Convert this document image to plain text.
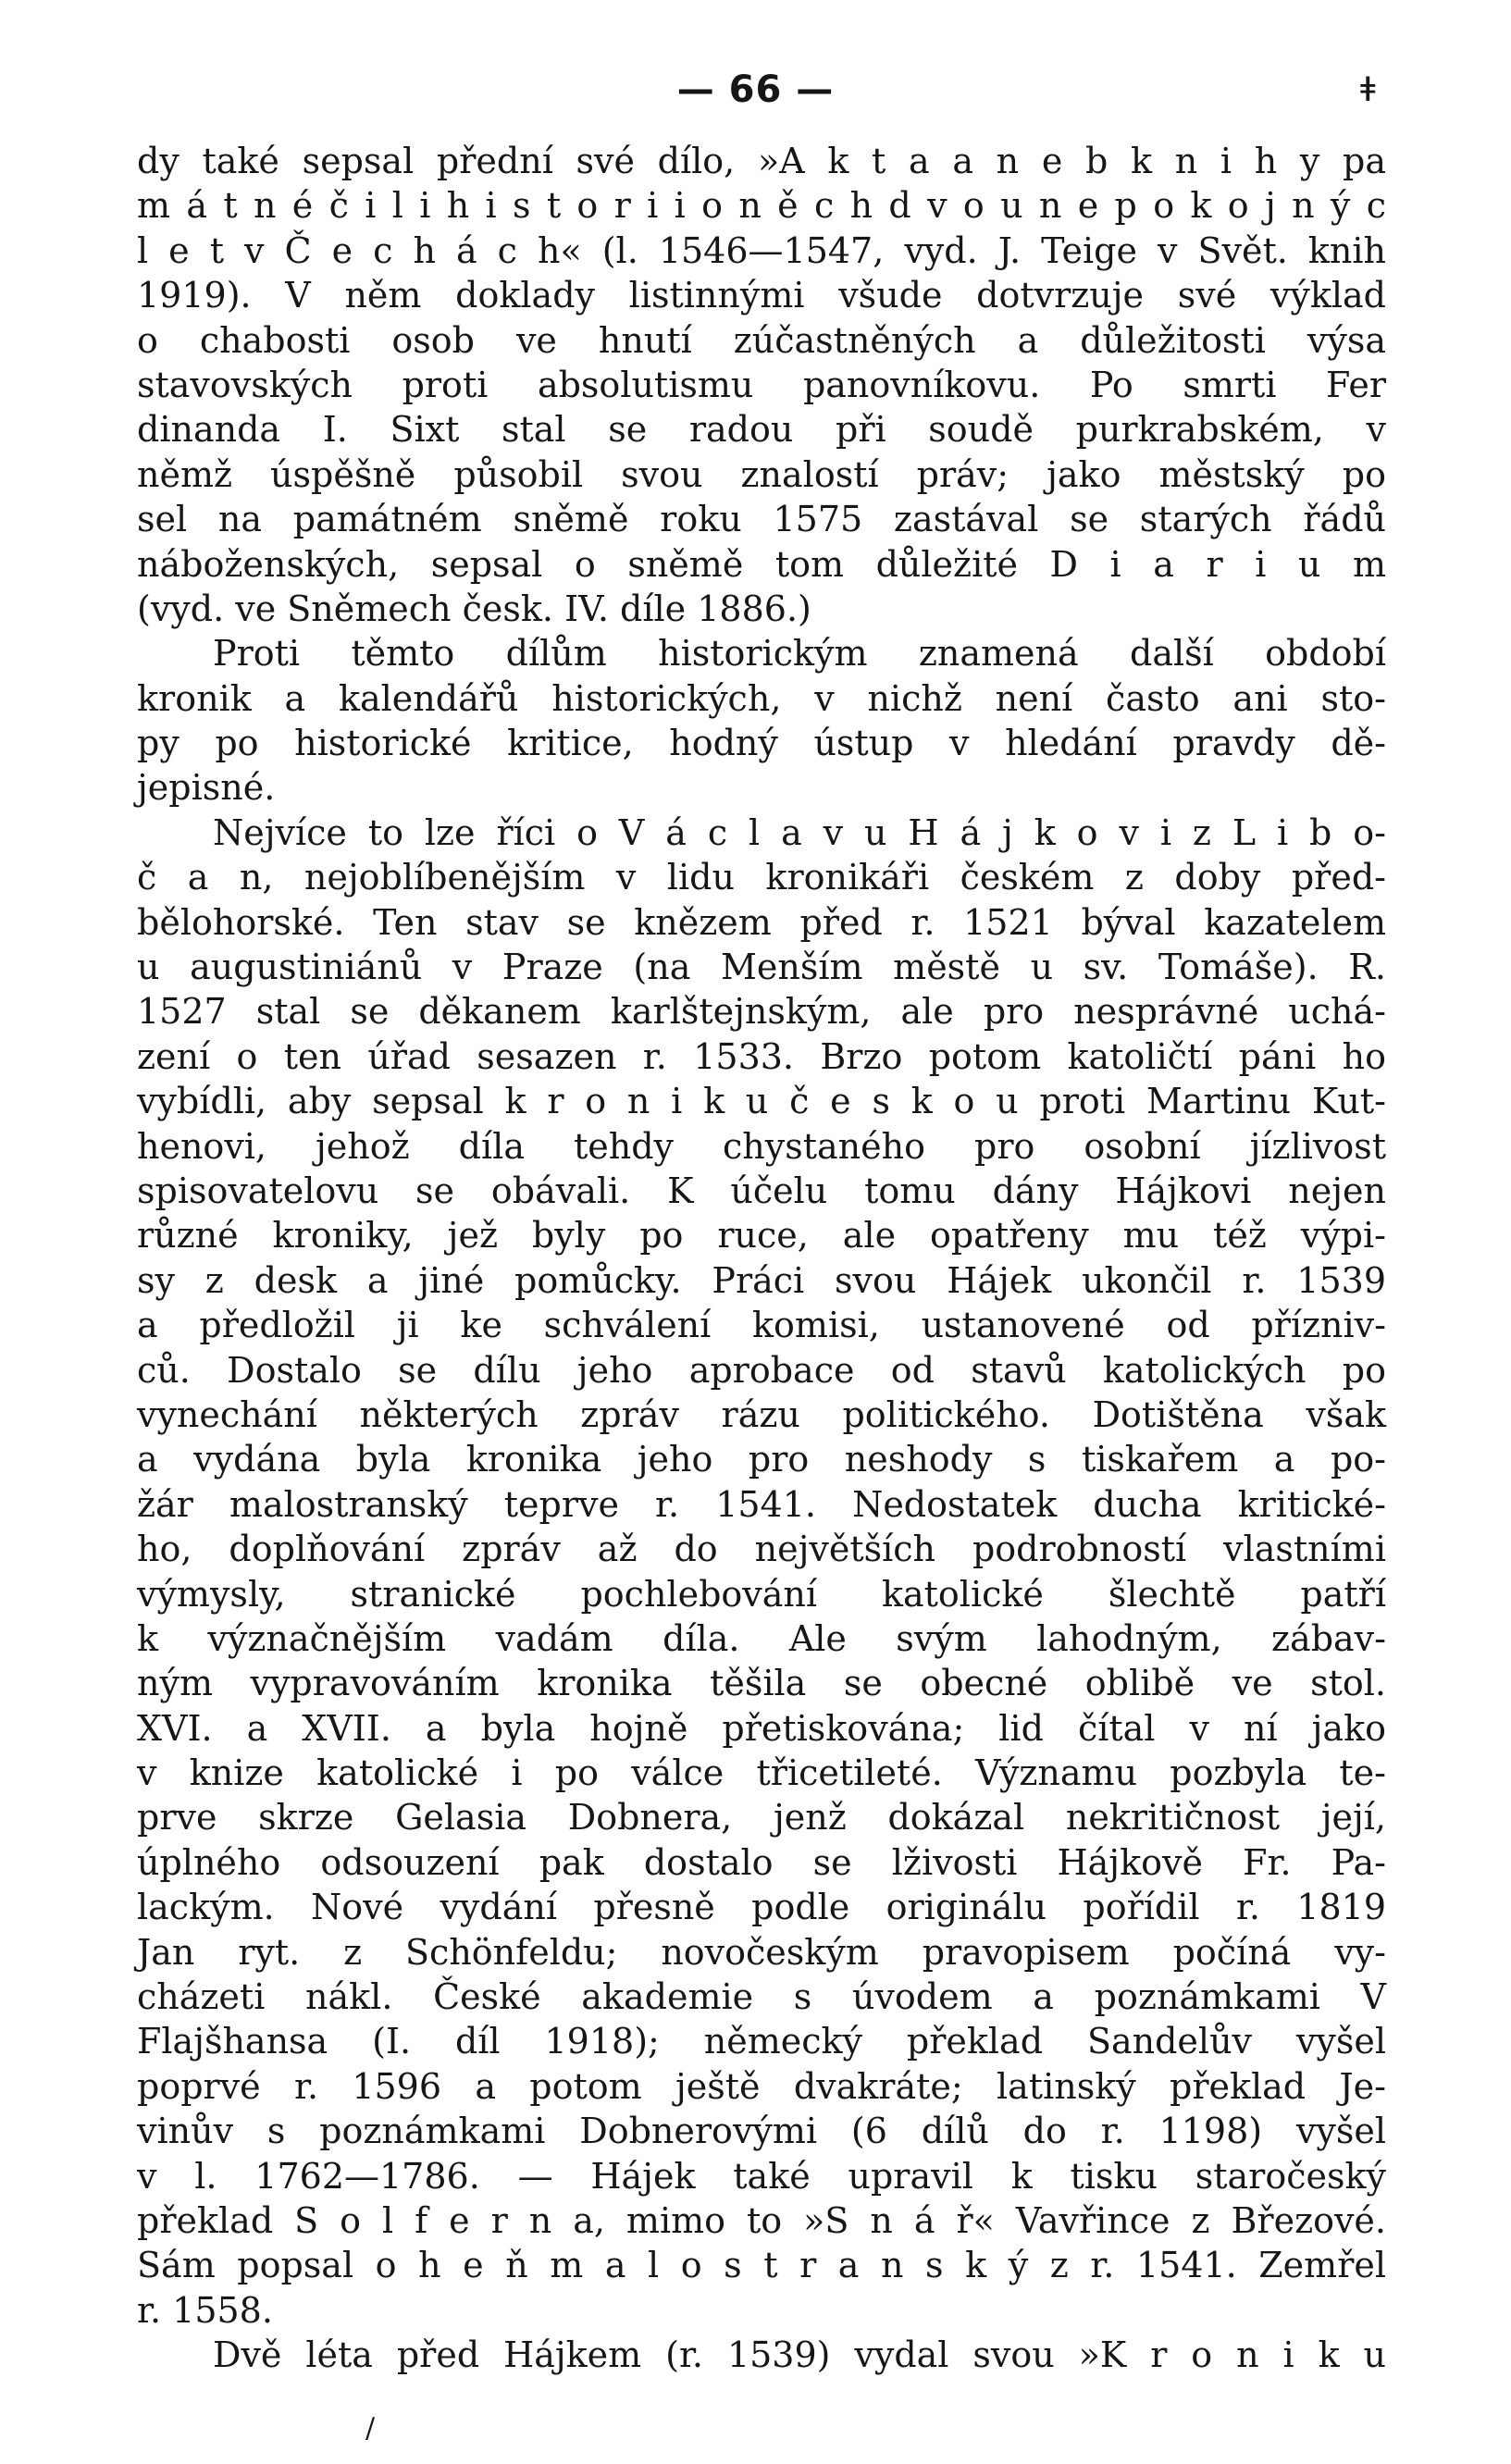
— 66 —	ǂ
dy také sepsal přední své dílo, »A k t a a n e b k n i h y pa
m á t n é č i l i h i s t o r i i o n ě c h d v o u n e p o k o j n ý c
l e t v Č e c h á c h« (l. 1546—1547, vyd. J. Teige v Svět. knih
1919). V něm doklady listinnými všude dotvrzuje své výklad
o chabosti osob ve hnutí zúčastněných a důležitosti výsa
stavovských proti absolutismu panovníkovu. Po smrti Fer
dinanda I. Sixt stal se radou při soudě purkrabském, v
němž úspěšně působil svou znalostí práv; jako městský po
sel na památném sněmě roku 1575 zastával se starých řádů
náboženských, sepsal o sněmě tom důležité D i a r i u m
(vyd. ve Sněmech česk. IV. díle 1886.)
Proti těmto dílům historickým znamená další období
kronik a kalendářů historických, v nichž není často ani sto-
py po historické kritice, hodný ústup v hledání pravdy dě-
jepisné.
Nejvíce to lze říci o V á c l a v u H á j k o v i z L i b o-
č a n, nejoblíbenějším v lidu kronikáři českém z doby před-
bělohorské. Ten stav se knězem před r. 1521 býval kazatelem
u augustiniánů v Praze (na Menším městě u sv. Tomáše). R.
1527 stal se děkanem karlštejnským, ale pro nesprávné uchá-
zení o ten úřad sesazen r. 1533. Brzo potom katoličtí páni ho
vybídli, aby sepsal k r o n i k u č e s k o u proti Martinu Kut-
henovi, jehož díla tehdy chystaného pro osobní jízlivost
spisovatelovu se obávali. K účelu tomu dány Hájkovi nejen
různé kroniky, jež byly po ruce, ale opatřeny mu též výpi-
sy z desk a jiné pomůcky. Práci svou Hájek ukončil r. 1539
a předložil ji ke schválení komisi, ustanovené od přízniv-
ců. Dostalo se dílu jeho aprobace od stavů katolických po
vynechání některých zpráv rázu politického. Dotištěna však
a vydána byla kronika jeho pro neshody s tiskařem a po-
žár malostranský teprve r. 1541. Nedostatek ducha kritické-
ho, doplňování zpráv až do největších podrobností vlastními
výmysly, stranické pochlebování katolické šlechtě patří
k význačnějším vadám díla. Ale svým lahodným, zábav-
ným vypravováním kronika těšila se obecné oblibě ve stol.
XVI. a XVII. a byla hojně přetiskována; lid čítal v ní jako
v knize katolické i po válce třicetileté. Významu pozbyla te-
prve skrze Gelasia Dobnera, jenž dokázal nekritičnost její,
úplného odsouzení pak dostalo se lživosti Hájkově Fr. Pa-
lackým. Nové vydání přesně podle originálu pořídil r. 1819
Jan ryt. z Schönfeldu; novočeským pravopisem počíná vy-
cházeti nákl. České akademie s úvodem a poznámkami V
Flajšhansa (I. díl 1918); německý překlad Sandelův vyšel
poprvé r. 1596 a potom ještě dvakráte; latinský překlad Je-
vinův s poznámkami Dobnerovými (6 dílů do r. 1198) vyšel
v l. 1762—1786. — Hájek také upravil k tisku staročeský
překlad S o l f e r n a, mimo to »S n á ř« Vavřince z Březové.
Sám popsal o h e ň m a l o s t r a n s k ý z r. 1541. Zemřel
r. 1558.
Dvě léta před Hájkem (r. 1539) vydal svou »K r o n i k u
/
